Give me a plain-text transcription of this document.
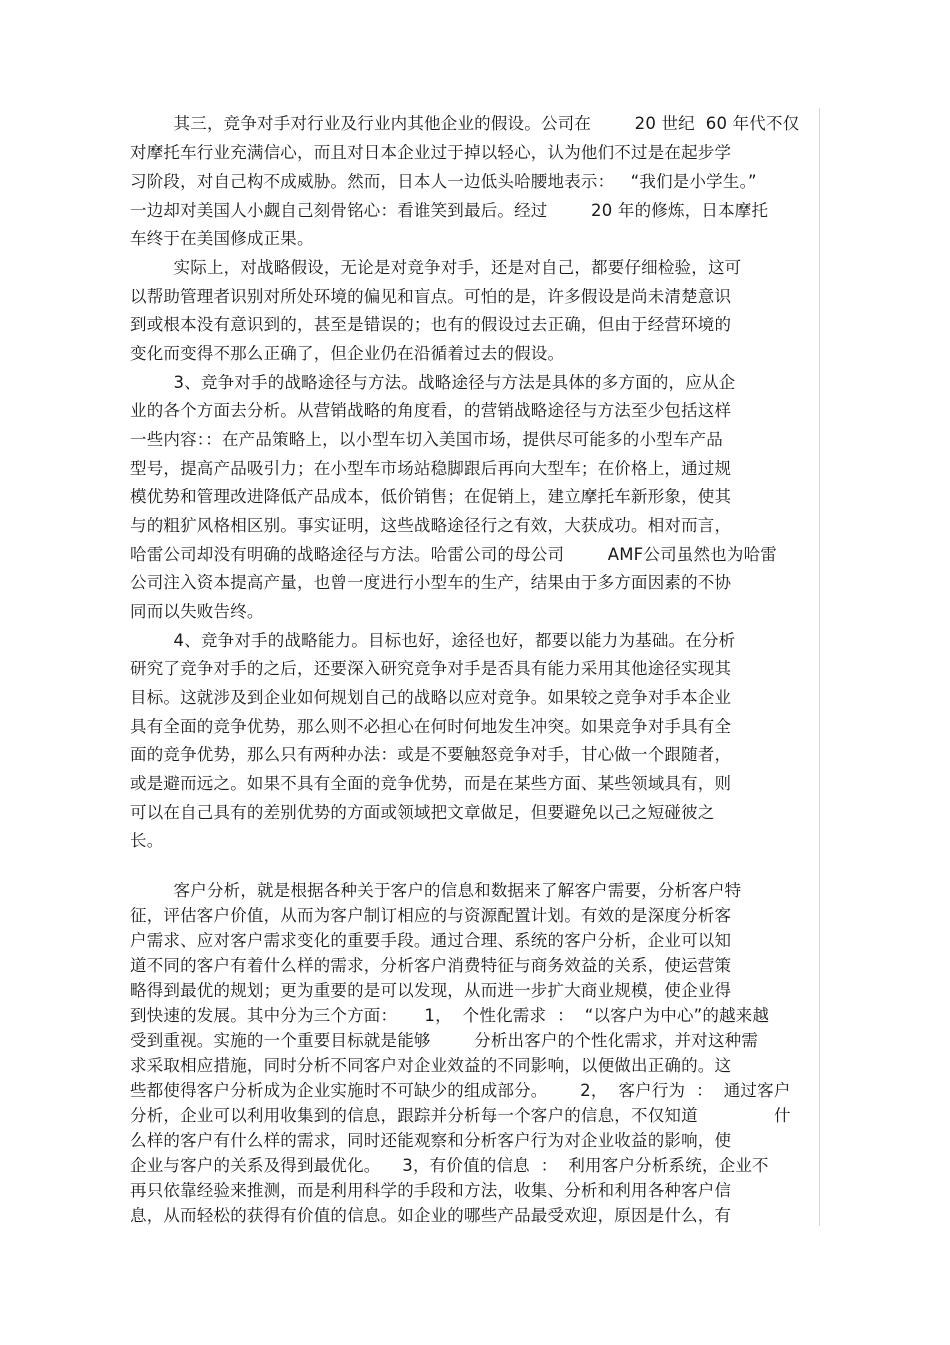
其三，竞争对手对行业及行业内其他企业的假设。公司在        20 世纪  60 年代不仅
对摩托车行业充满信心，而且对日本企业过于掉以轻心，认为他们不过是在起步学
习阶段，对自己构不成威胁。然而，日本人一边低头哈腰地表示：   “我们是小学生。”
一边却对美国人小觑自己刻骨铭心：看谁笑到最后。经过        20 年的修炼，日本摩托
车终于在美国修成正果。
实际上，对战略假设，无论是对竞争对手，还是对自己，都要仔细检验，这可
以帮助管理者识别对所处环境的偏见和盲点。可怕的是，许多假设是尚未清楚意识
到或根本没有意识到的，甚至是错误的；也有的假设过去正确，但由于经营环境的
变化而变得不那么正确了，但企业仍在沿循着过去的假设。
3、竞争对手的战略途径与方法。战略途径与方法是具体的多方面的，应从企
业的各个方面去分析。从营销战略的角度看，的营销战略途径与方法至少包括这样
一些内容：：在产品策略上，以小型车切入美国市场，提供尽可能多的小型车产品
型号，提高产品吸引力；在小型车市场站稳脚跟后再向大型车；在价格上，通过规
模优势和管理改进降低产品成本，低价销售；在促销上，建立摩托车新形象，使其
与的粗犷风格相区别。事实证明，这些战略途径行之有效，大获成功。相对而言，
哈雷公司却没有明确的战略途径与方法。哈雷公司的母公司        AMF公司虽然也为哈雷
公司注入资本提高产量，也曾一度进行小型车的生产，结果由于多方面因素的不协
同而以失败告终。
4、竞争对手的战略能力。目标也好，途径也好，都要以能力为基础。在分析
研究了竞争对手的之后，还要深入研究竞争对手是否具有能力采用其他途径实现其
目标。这就涉及到企业如何规划自己的战略以应对竞争。如果较之竞争对手本企业
具有全面的竞争优势，那么则不必担心在何时何地发生冲突。如果竞争对手具有全
面的竞争优势，那么只有两种办法：或是不要触怒竞争对手，甘心做一个跟随者，
或是避而远之。如果不具有全面的竞争优势，而是在某些方面、某些领域具有，则
可以在自己具有的差别优势的方面或领域把文章做足，但要避免以己之短碰彼之
长。
客户分析，就是根据各种关于客户的信息和数据来了解客户需要，分析客户特
征，评估客户价值，从而为客户制订相应的与资源配置计划。有效的是深度分析客
户需求、应对客户需求变化的重要手段。通过合理、系统的客户分析，企业可以知
道不同的客户有着什么样的需求，分析客户消费特征与商务效益的关系，使运营策
略得到最优的规划；更为重要的是可以发现，从而进一步扩大商业规模，使企业得
到快速的发展。其中分为三个方面：     1，  个性化需求  ：  “以客户为中心”的越来越
受到重视。实施的一个重要目标就是能够        分析出客户的个性化需求，并对这种需
求采取相应措施，同时分析不同客户对企业效益的不同影响，以便做出正确的。这
些都使得客户分析成为企业实施时不可缺少的组成部分。      2，  客户行为  ：  通过客户
分析，企业可以利用收集到的信息，跟踪并分析每一个客户的信息，不仅知道              什
么样的客户有什么样的需求，同时还能观察和分析客户行为对企业收益的影响，使
企业与客户的关系及得到最优化。    3，有价值的信息  ：  利用客户分析系统，企业不
再只依靠经验来推测，而是利用科学的手段和方法，收集、分析和利用各种客户信
息，从而轻松的获得有价值的信息。如企业的哪些产品最受欢迎，原因是什么，有
